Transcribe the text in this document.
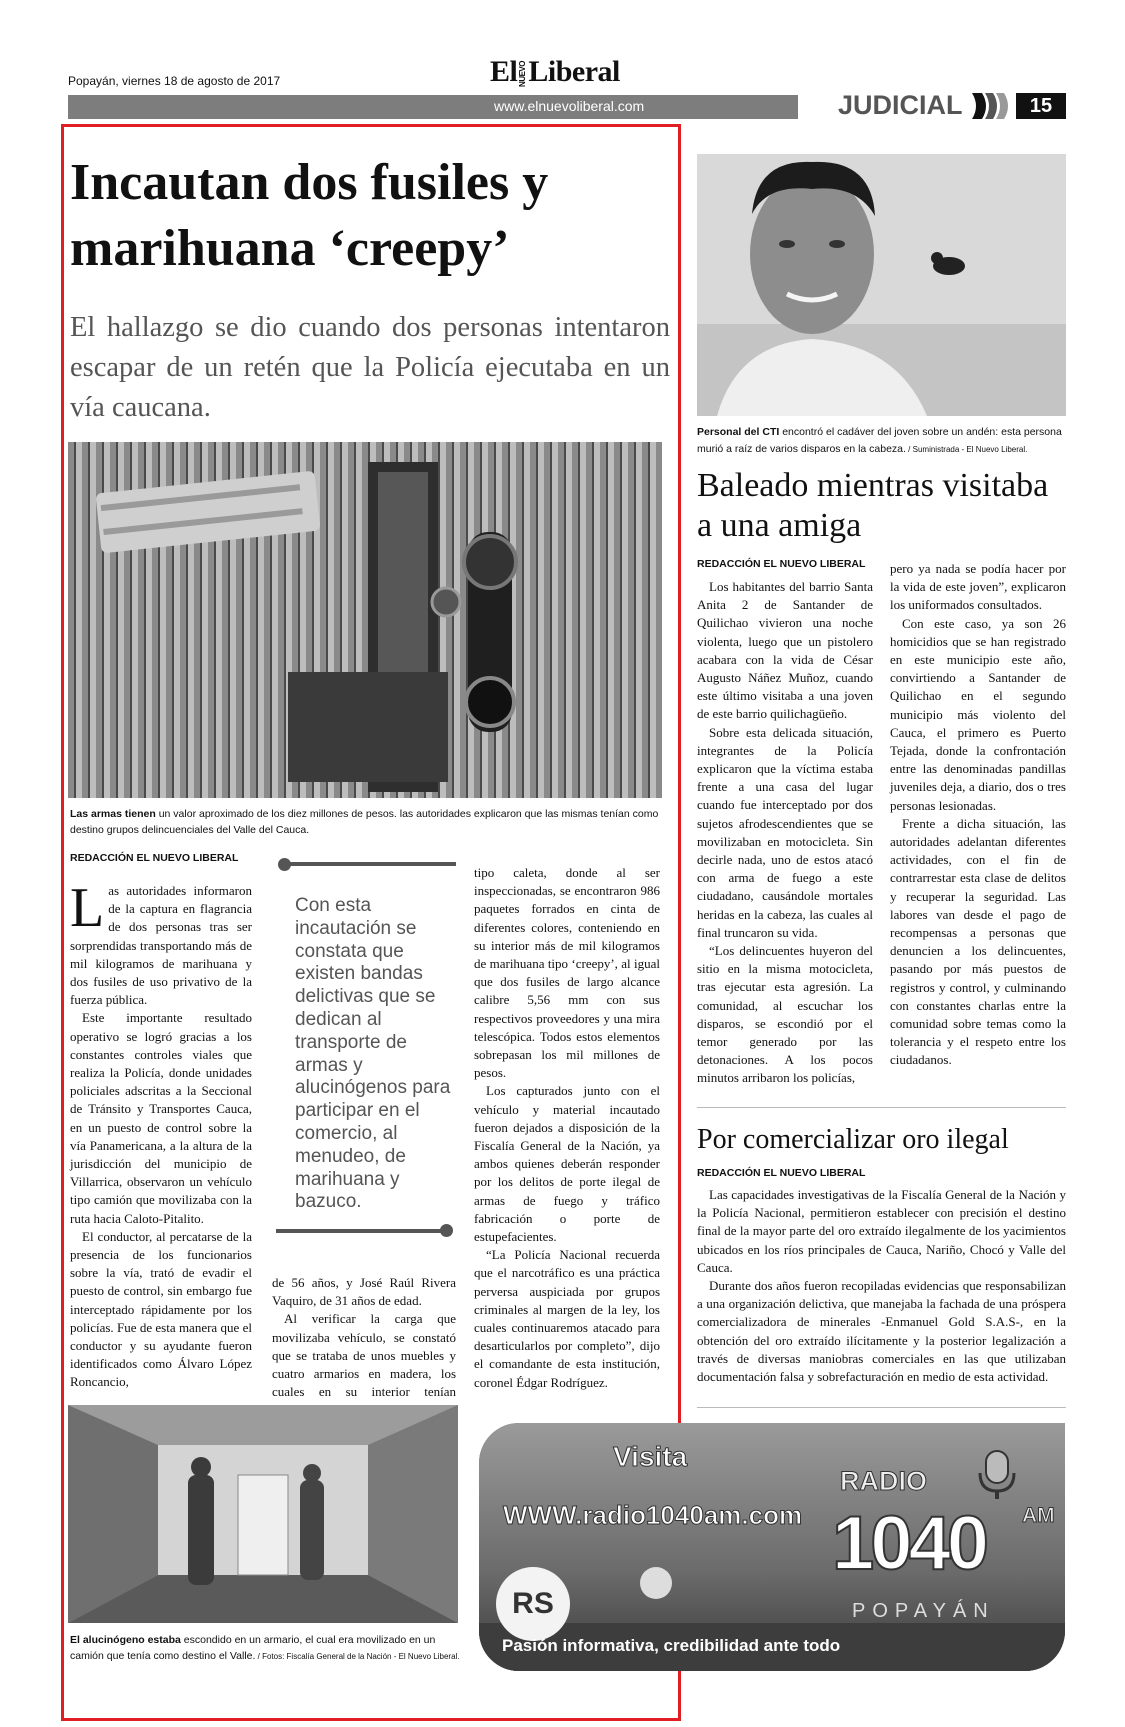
Popayán, viernes 18 de agosto de 2017	ElNUEVOLiberal
www.elnuevoliberal.com	JUDICIAL	15
Incautan dos fusiles y marihuana ‘creepy’
El hallazgo se dio cuando dos personas intentaron escapar de un retén que la Policía ejecutaba en un vía caucana.
Las armas tienen un valor aproximado de los diez millones de pesos. las autoridades explicaron que las mismas tenían como destino grupos delincuenciales del Valle del Cauca.
REDACCIÓN EL NUEVO LIBERAL

Las autoridades informaron de la captura en flagrancia de dos personas tras ser sorprendidas transportando más de mil kilogramos de marihuana y dos fusiles de uso privativo de la fuerza pública.

Este importante resultado operativo se logró gracias a los constantes controles viales que realiza la Policía, donde unidades policiales adscritas a la Seccional de Tránsito y Transportes Cauca, en un puesto de control sobre la vía Panamericana, a la altura de la jurisdicción del municipio de Villarrica, observaron un vehículo tipo camión que movilizaba con la ruta hacia Caloto-Pitalito.

El conductor, al percatarse de la presencia de los funcionarios sobre la vía, trató de evadir el puesto de control, sin embargo fue interceptado rápidamente por los policías. Fue de esta manera que el conductor y su ayudante fueron identificados como Álvaro López Roncancio,

Con esta incautación se constata que existen bandas delictivas que se dedican al transporte de armas y alucinógenos para participar en el comercio, al menudeo, de marihuana y bazuco.

de 56 años, y José Raúl Rivera Vaquiro, de 31 años de edad.

Al verificar la carga que movilizaba vehículo, se constató que se trataba de unos muebles y cuatro armarios en madera, los cuales en su interior tenían

tipo caleta, donde al ser inspeccionadas, se encontraron 986 paquetes forrados en cinta de diferentes colores, conteniendo en su interior más de mil kilogramos de marihuana tipo ‘creepy’, al igual que dos fusiles de largo alcance calibre 5,56 mm con sus respectivos proveedores y una mira telescópica. Todos estos elementos sobrepasan los mil millones de pesos.

Los capturados junto con el vehículo y material incautado fueron dejados a disposición de la Fiscalía General de la Nación, ya ambos quienes deberán responder por los delitos de porte ilegal de armas de fuego y tráfico fabricación o porte de estupefacientes.

“La Policía Nacional recuerda que el narcotráfico es una práctica perversa auspiciada por grupos criminales al margen de la ley, los cuales continuaremos atacado para desarticularlos por completo”, dijo el comandante de esta institución, coronel Édgar Rodríguez.

El alucinógeno estaba escondido en un armario, el cual era movilizado en un camión que tenía como destino el Valle. / Fotos: Fiscalía General de la Nación - El Nuevo Liberal.
Personal del CTI encontró el cadáver del joven sobre un andén: esta persona murió a raíz de varios disparos en la cabeza. / Suministrada - El Nuevo Liberal.
Baleado mientras visitaba a una amiga
REDACCIÓN EL NUEVO LIBERAL

Los habitantes del barrio Santa Anita 2 de Santander de Quilichao vivieron una noche violenta, luego que un pistolero acabara con la vida de César Augusto Náñez Muñoz, cuando este último visitaba a una joven de este barrio quilichagüeño.

Sobre esta delicada situación, integrantes de la Policía explicaron que la víctima estaba frente a una casa del lugar cuando fue interceptado por dos sujetos afrodescendientes que se movilizaban en motocicleta. Sin decirle nada, uno de estos atacó con arma de fuego a este ciudadano, causándole mortales heridas en la cabeza, las cuales al final truncaron su vida.

“Los delincuentes huyeron del sitio en la misma motocicleta, tras ejecutar esta agresión. La comunidad, al escuchar los disparos, se escondió por el temor generado por las detonaciones. A los pocos minutos arribaron los policías,

pero ya nada se podía hacer por la vida de este joven”, explicaron los uniformados consultados.

Con este caso, ya son 26 homicidios que se han registrado en este municipio este año, convirtiendo a Santander de Quilichao en el segundo municipio más violento del Cauca, el primero es Puerto Tejada, donde la confrontación entre las denominadas pandillas juveniles deja, a diario, dos o tres personas lesionadas.

Frente a dicha situación, las autoridades adelantan diferentes actividades, con el fin de contrarrestar esta clase de delitos y recuperar la seguridad. Las labores van desde el pago de recompensas a personas que denuncien a los delincuentes, pasando por más puestos de registros y control, y culminando con constantes charlas entre la comunidad sobre temas como la tolerancia y el respeto entre los ciudadanos.

Por comercializar oro ilegal
REDACCIÓN EL NUEVO LIBERAL

Las capacidades investigativas de la Fiscalía General de la Nación y la Policía Nacional, permitieron establecer con precisión el destino final de la mayor parte del oro extraído ilegalmente de los yacimientos ubicados en los ríos principales de Cauca, Nariño, Chocó y Valle del Cauca.

Durante dos años fueron recopiladas evidencias que responsabilizan a una organización delictiva, que manejaba la fachada de una próspera comercializadora de minerales -Enmanuel Gold S.A.S-, en la obtención del oro extraído ilícitamente y la posterior legalización a través de diversas maniobras comerciales en las que utilizaban documentación falsa y sobrefacturación en medio de esta actividad.

Visita
WWW.radio1040am.com
RADIO
1040 AM
POPAYÁN
RS
Pasión informativa, credibilidad ante todo
